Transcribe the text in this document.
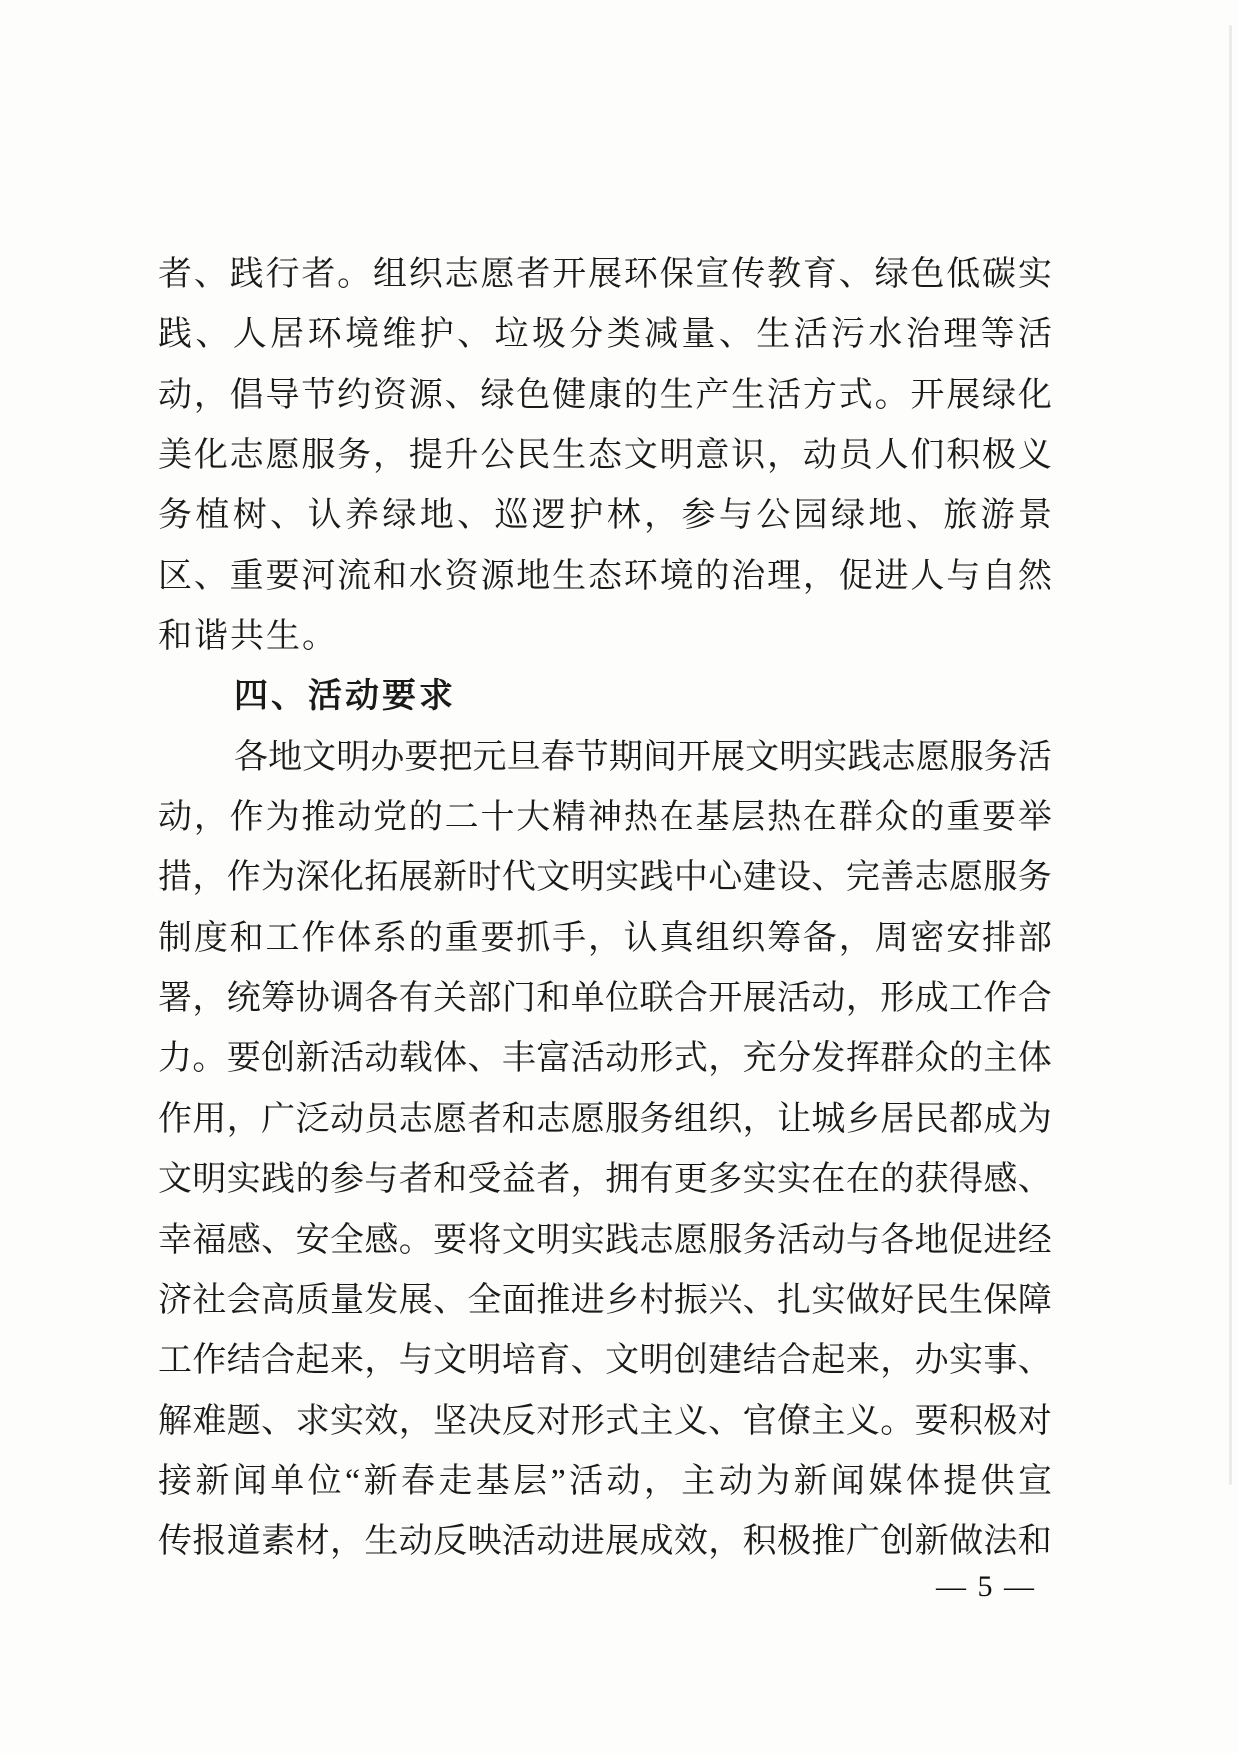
者 、 践 行 者 。 组 织 志 愿 者 开 展 环 保 宣 传 教 育 、 绿 色 低 碳 实
践 、 人 居 环 境 维 护 、 垃 圾 分 类 减 量 、 生 活 污 水 治 理 等 活
动 ， 倡 导 节 约 资 源 、 绿 色 健 康 的 生 产 生 活 方 式 。 开 展 绿 化
美 化 志 愿 服 务 ， 提 升 公 民 生 态 文 明 意 识 ， 动 员 人 们 积 极 义
务 植 树 、 认 养 绿 地 、 巡 逻 护 林 ， 参 与 公 园 绿 地 、 旅 游 景
区 、 重 要 河 流 和 水 资 源 地 生 态 环 境 的 治 理 ， 促 进 人 与 自 然
和谐共生。
四、活动要求
各 地 文 明 办 要 把 元 旦 春 节 期 间 开 展 文 明 实 践 志 愿 服 务 活
动 ， 作 为 推 动 党 的 二 十 大 精 神 热 在 基 层 热 在 群 众 的 重 要 举
措 ， 作 为 深 化 拓 展 新 时 代 文 明 实 践 中 心 建 设 、 完 善 志 愿 服 务
制 度 和 工 作 体 系 的 重 要 抓 手 ， 认 真 组 织 筹 备 ， 周 密 安 排 部
署 ， 统 筹 协 调 各 有 关 部 门 和 单 位 联 合 开 展 活 动 ， 形 成 工 作 合
力 。 要 创 新 活 动 载 体 、 丰 富 活 动 形 式 ， 充 分 发 挥 群 众 的 主 体
作 用 ， 广 泛 动 员 志 愿 者 和 志 愿 服 务 组 织 ， 让 城 乡 居 民 都 成 为
文 明 实 践 的 参 与 者 和 受 益 者 ， 拥 有 更 多 实 实 在 在 的 获 得 感 、
幸 福 感 、 安 全 感 。 要 将 文 明 实 践 志 愿 服 务 活 动 与 各 地 促 进 经
济 社 会 高 质 量 发 展 、 全 面 推 进 乡 村 振 兴 、 扎 实 做 好 民 生 保 障
工 作 结 合 起 来 ， 与 文 明 培 育 、 文 明 创 建 结 合 起 来 ， 办 实 事 、
解 难 题 、 求 实 效 ， 坚 决 反 对 形 式 主 义 、 官 僚 主 义 。 要 积 极 对
接 新 闻 单 位 “ 新 春 走 基 层 ” 活 动 ， 主 动 为 新 闻 媒 体 提 供 宣
传 报 道 素 材 ， 生 动 反 映 活 动 进 展 成 效 ， 积 极 推 广 创 新 做 法 和
— 5 —
